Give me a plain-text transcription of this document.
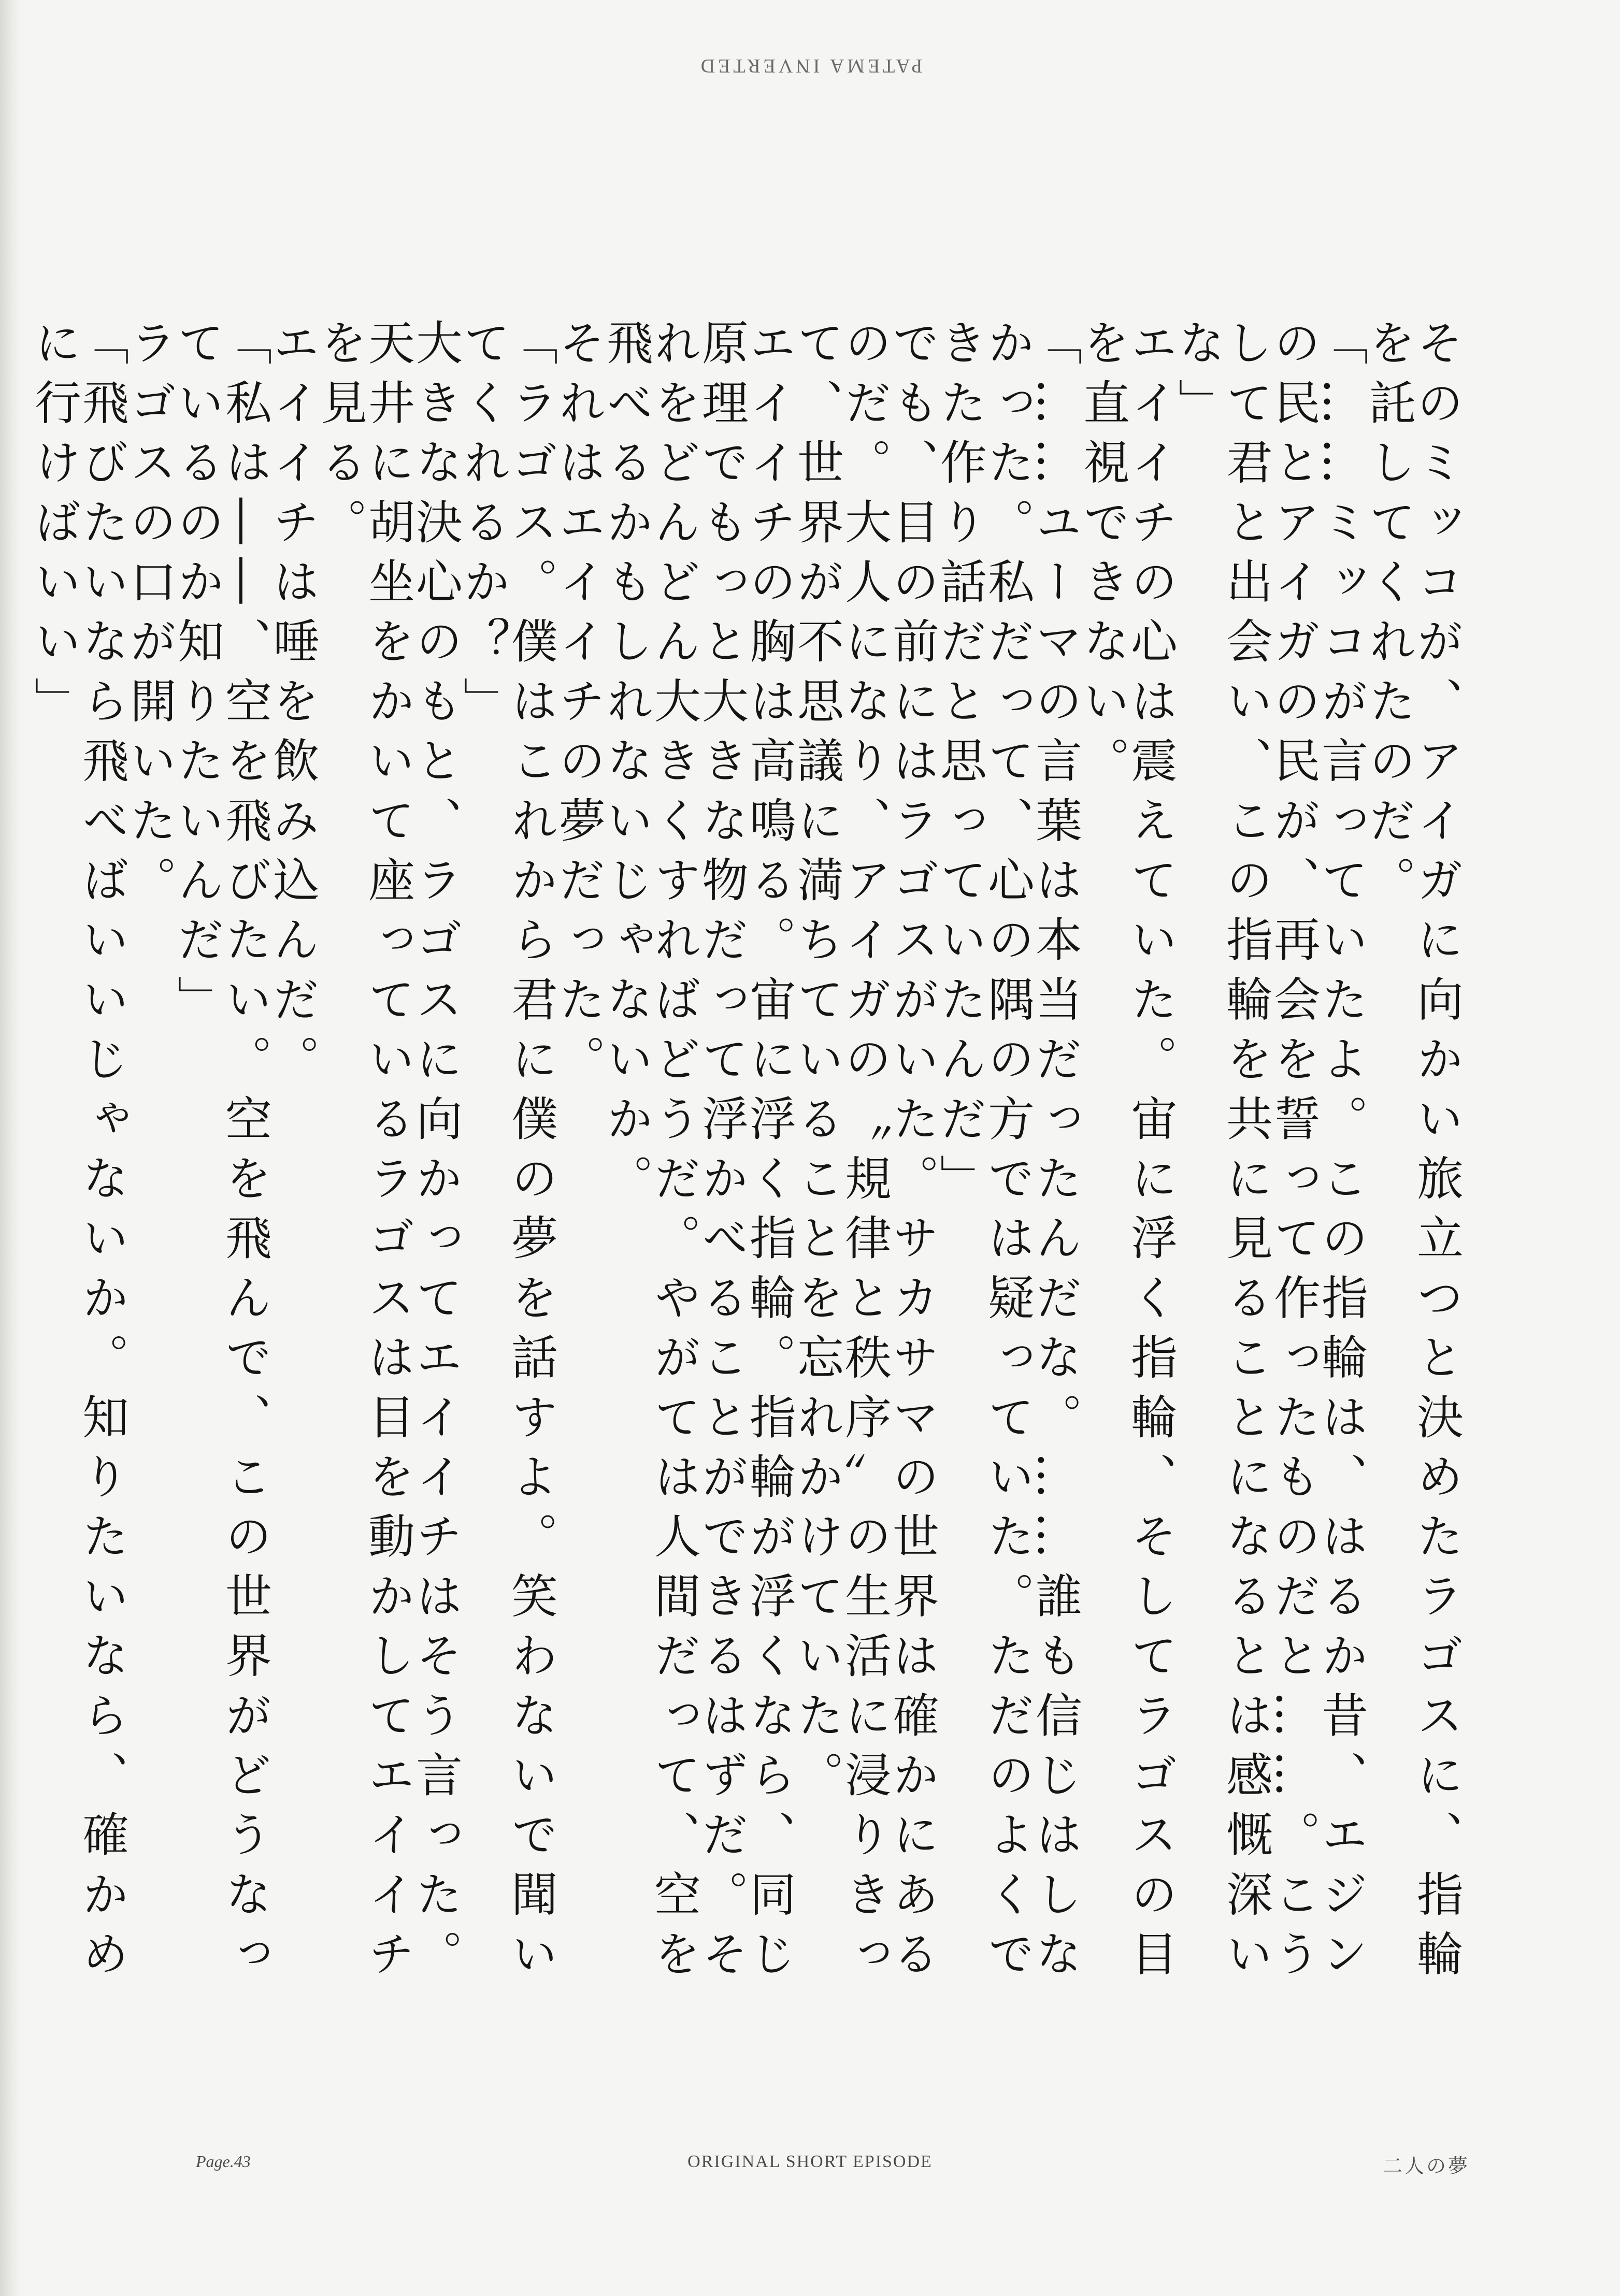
PATEMA INVERTED

そのミッコが、アイガに向かい旅立つと決めたラゴスに、指輪を託してくれたのだ。

「……ミッコが言っていたよ。この指輪は、はるか昔、エジンの民とアイガの民が、再会を誓って作ったものだと……。こうして君と出会い、この指輪を共に見ることになるとは感慨深いな」

エイイチの心は震えていた。宙に浮く指輪、そしてラゴスの目を直視できない。

「……ユーマの言葉は本当だったんだな。……誰も信じはしなかった。私だって、心の隅の方では疑っていた。ただのよくできた作り話だと思っていたんだ」

でも、目の前にはラゴスがいた。サカサマの世界は確かにあるのだ。大人になり、アイガの〝規律と秩序〟の生活に浸りきって、世界が不思議に満ちていることを忘れかけていた。

エイイチの胸は高鳴る。宙に浮く指輪。指輪が浮くなら、同じ原理でもっと大きな物だって浮かべることができるはずだ。それをどんどん大きくすればどうだ。やがては人間だって、空を飛べるかもしれないじゃないか。

それはエイイチの夢だった。

「ラゴス。僕はこれから君に僕の夢を話すよ。笑わないで聞いてくれるか？」

大きな決心のもと、ラゴスに向かってエイイチはそう言った。天井に胡坐をかいて座っているラゴスは目を動かしてエイイチを見る。

エイイチは唾を飲み込んだ。

「私は――、空を飛びたい。空を飛んで、この世界がどうなっているのか知りたいんだ」

ラゴスの口が開いた。

「飛びたいなら飛べばいいじゃないか。知りたいなら、確かめに行けばいい」

Page.43	ORIGINAL SHORT EPISODE	二人の夢
